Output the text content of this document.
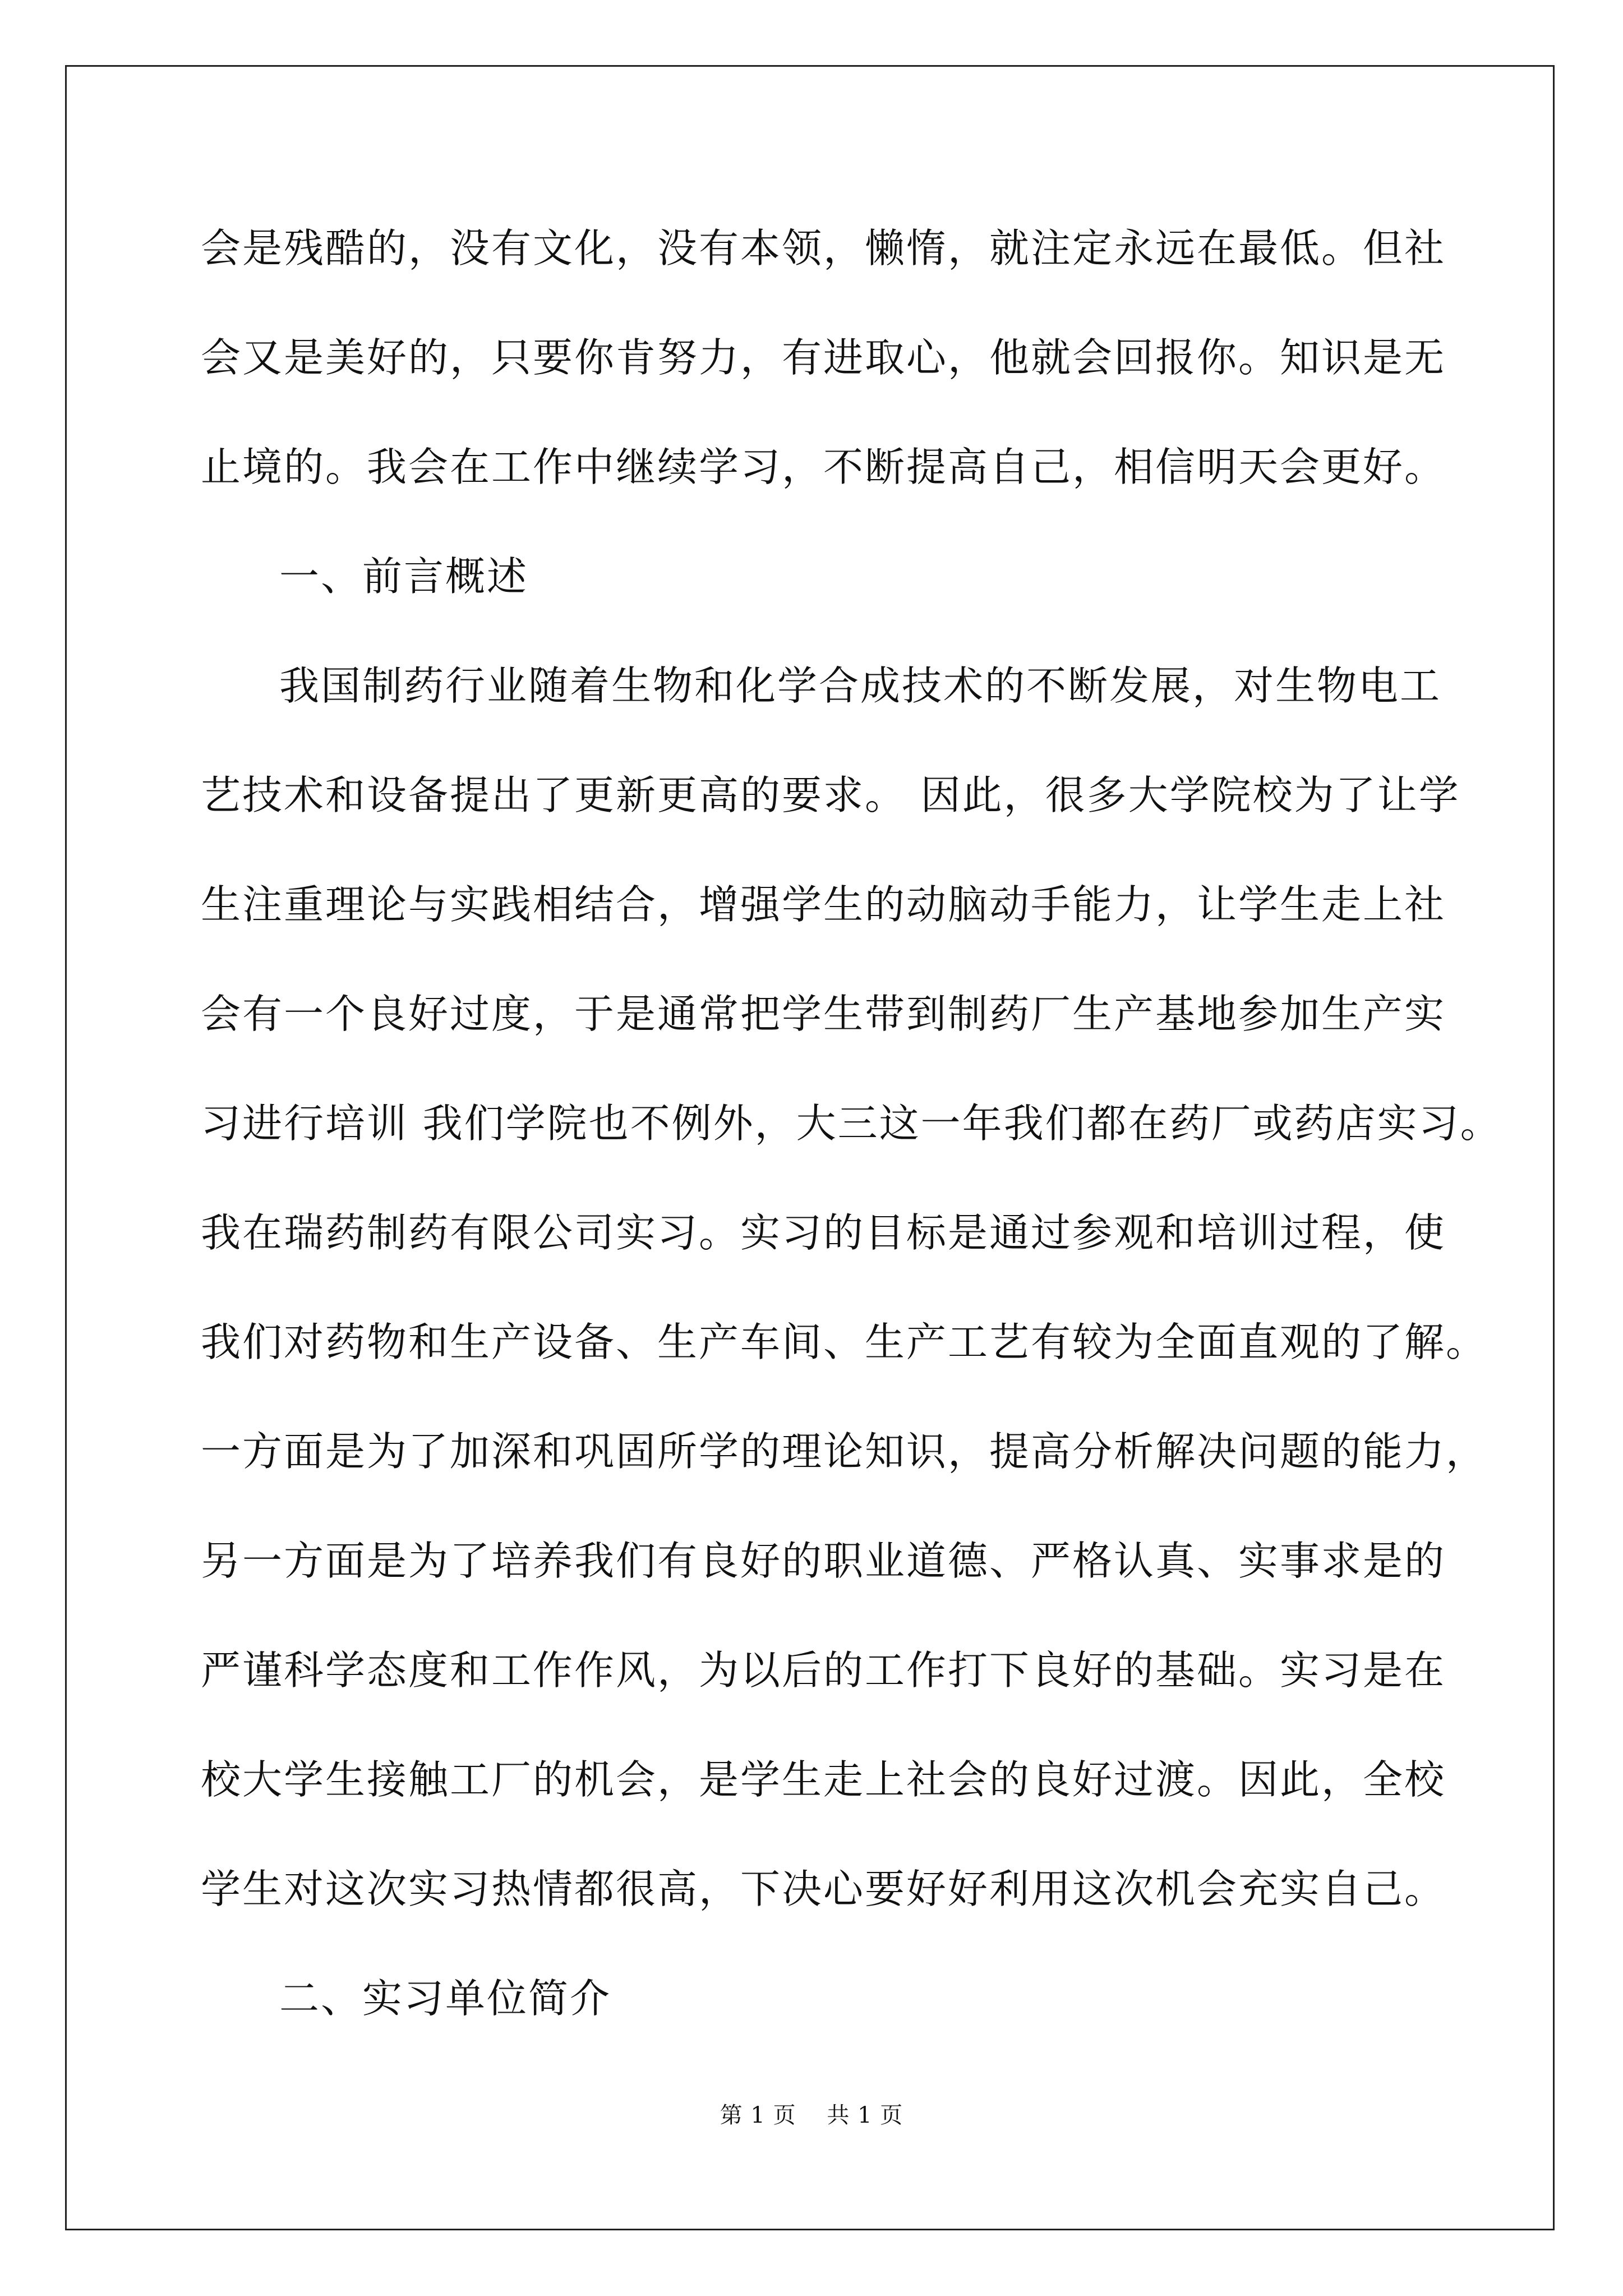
会是残酷的，没有文化，没有本领，懒惰，就注定永远在最低。但社
会又是美好的，只要你肯努力，有进取心，他就会回报你。知识是无
止境的。我会在工作中继续学习，不断提高自己，相信明天会更好。
一、前言概述
我国制药行业随着生物和化学合成技术的不断发展，对生物电工
艺技术和设备提出了更新更高的要求。 因此，很多大学院校为了让学
生注重理论与实践相结合，增强学生的动脑动手能力，让学生走上社
会有一个良好过度，于是通常把学生带到制药厂生产基地参加生产实
习进行培训 我们学院也不例外，大三这一年我们都在药厂或药店实习。
我在瑞药制药有限公司实习。实习的目标是通过参观和培训过程，使
我们对药物和生产设备、生产车间、生产工艺有较为全面直观的了解。
一方面是为了加深和巩固所学的理论知识，提高分析解决问题的能力，
另一方面是为了培养我们有良好的职业道德、严格认真、实事求是的
严谨科学态度和工作作风，为以后的工作打下良好的基础。实习是在
校大学生接触工厂的机会，是学生走上社会的良好过渡。因此，全校
学生对这次实习热情都很高，下决心要好好利用这次机会充实自己。
二、实习单位简介
第 1 页    共 1 页
